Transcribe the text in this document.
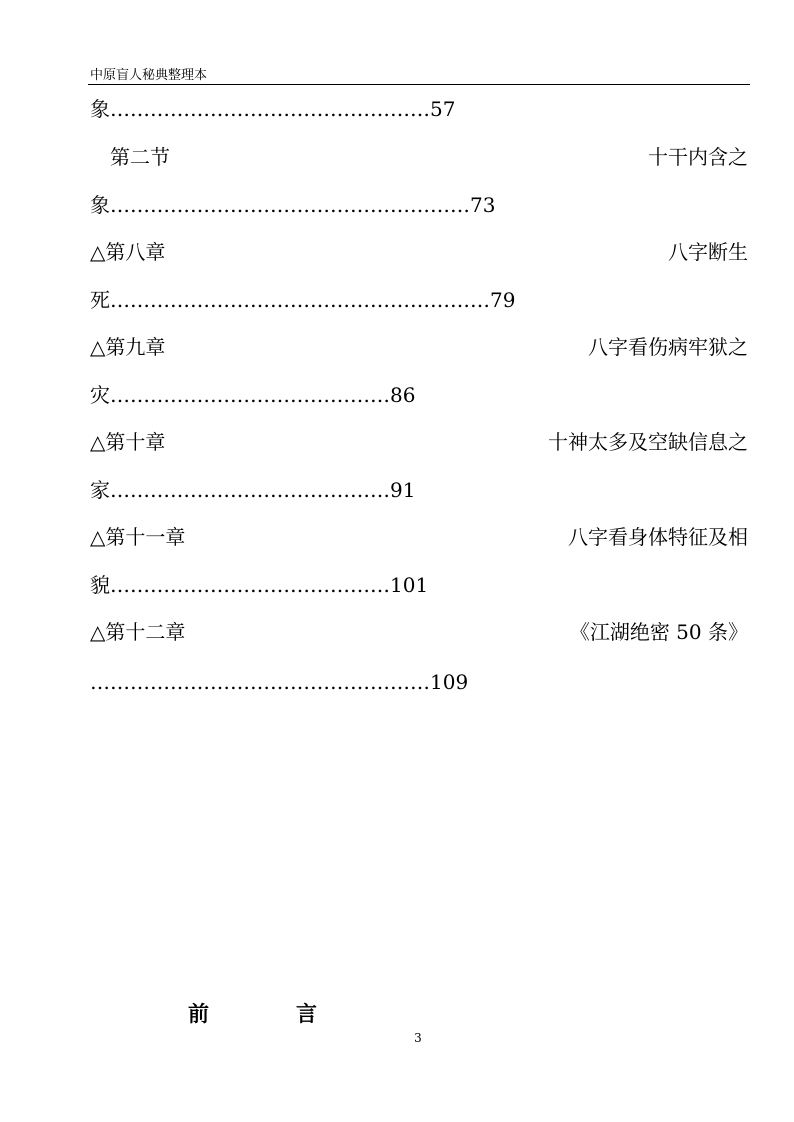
中原盲人秘典整理本
象…………………………………………57
第二节	十干内含之
象………………………………………………73
△第八章	八字断生
死…………………………………………………79
△第九章	八字看伤病牢狱之
灾……………………………………86
△第十章	十神太多及空缺信息之
家……………………………………91
△第十一章	八字看身体特征及相
貌……………………………………101
△第十二章	《江湖绝密 50 条》
……………………………………………109
前	言
3
